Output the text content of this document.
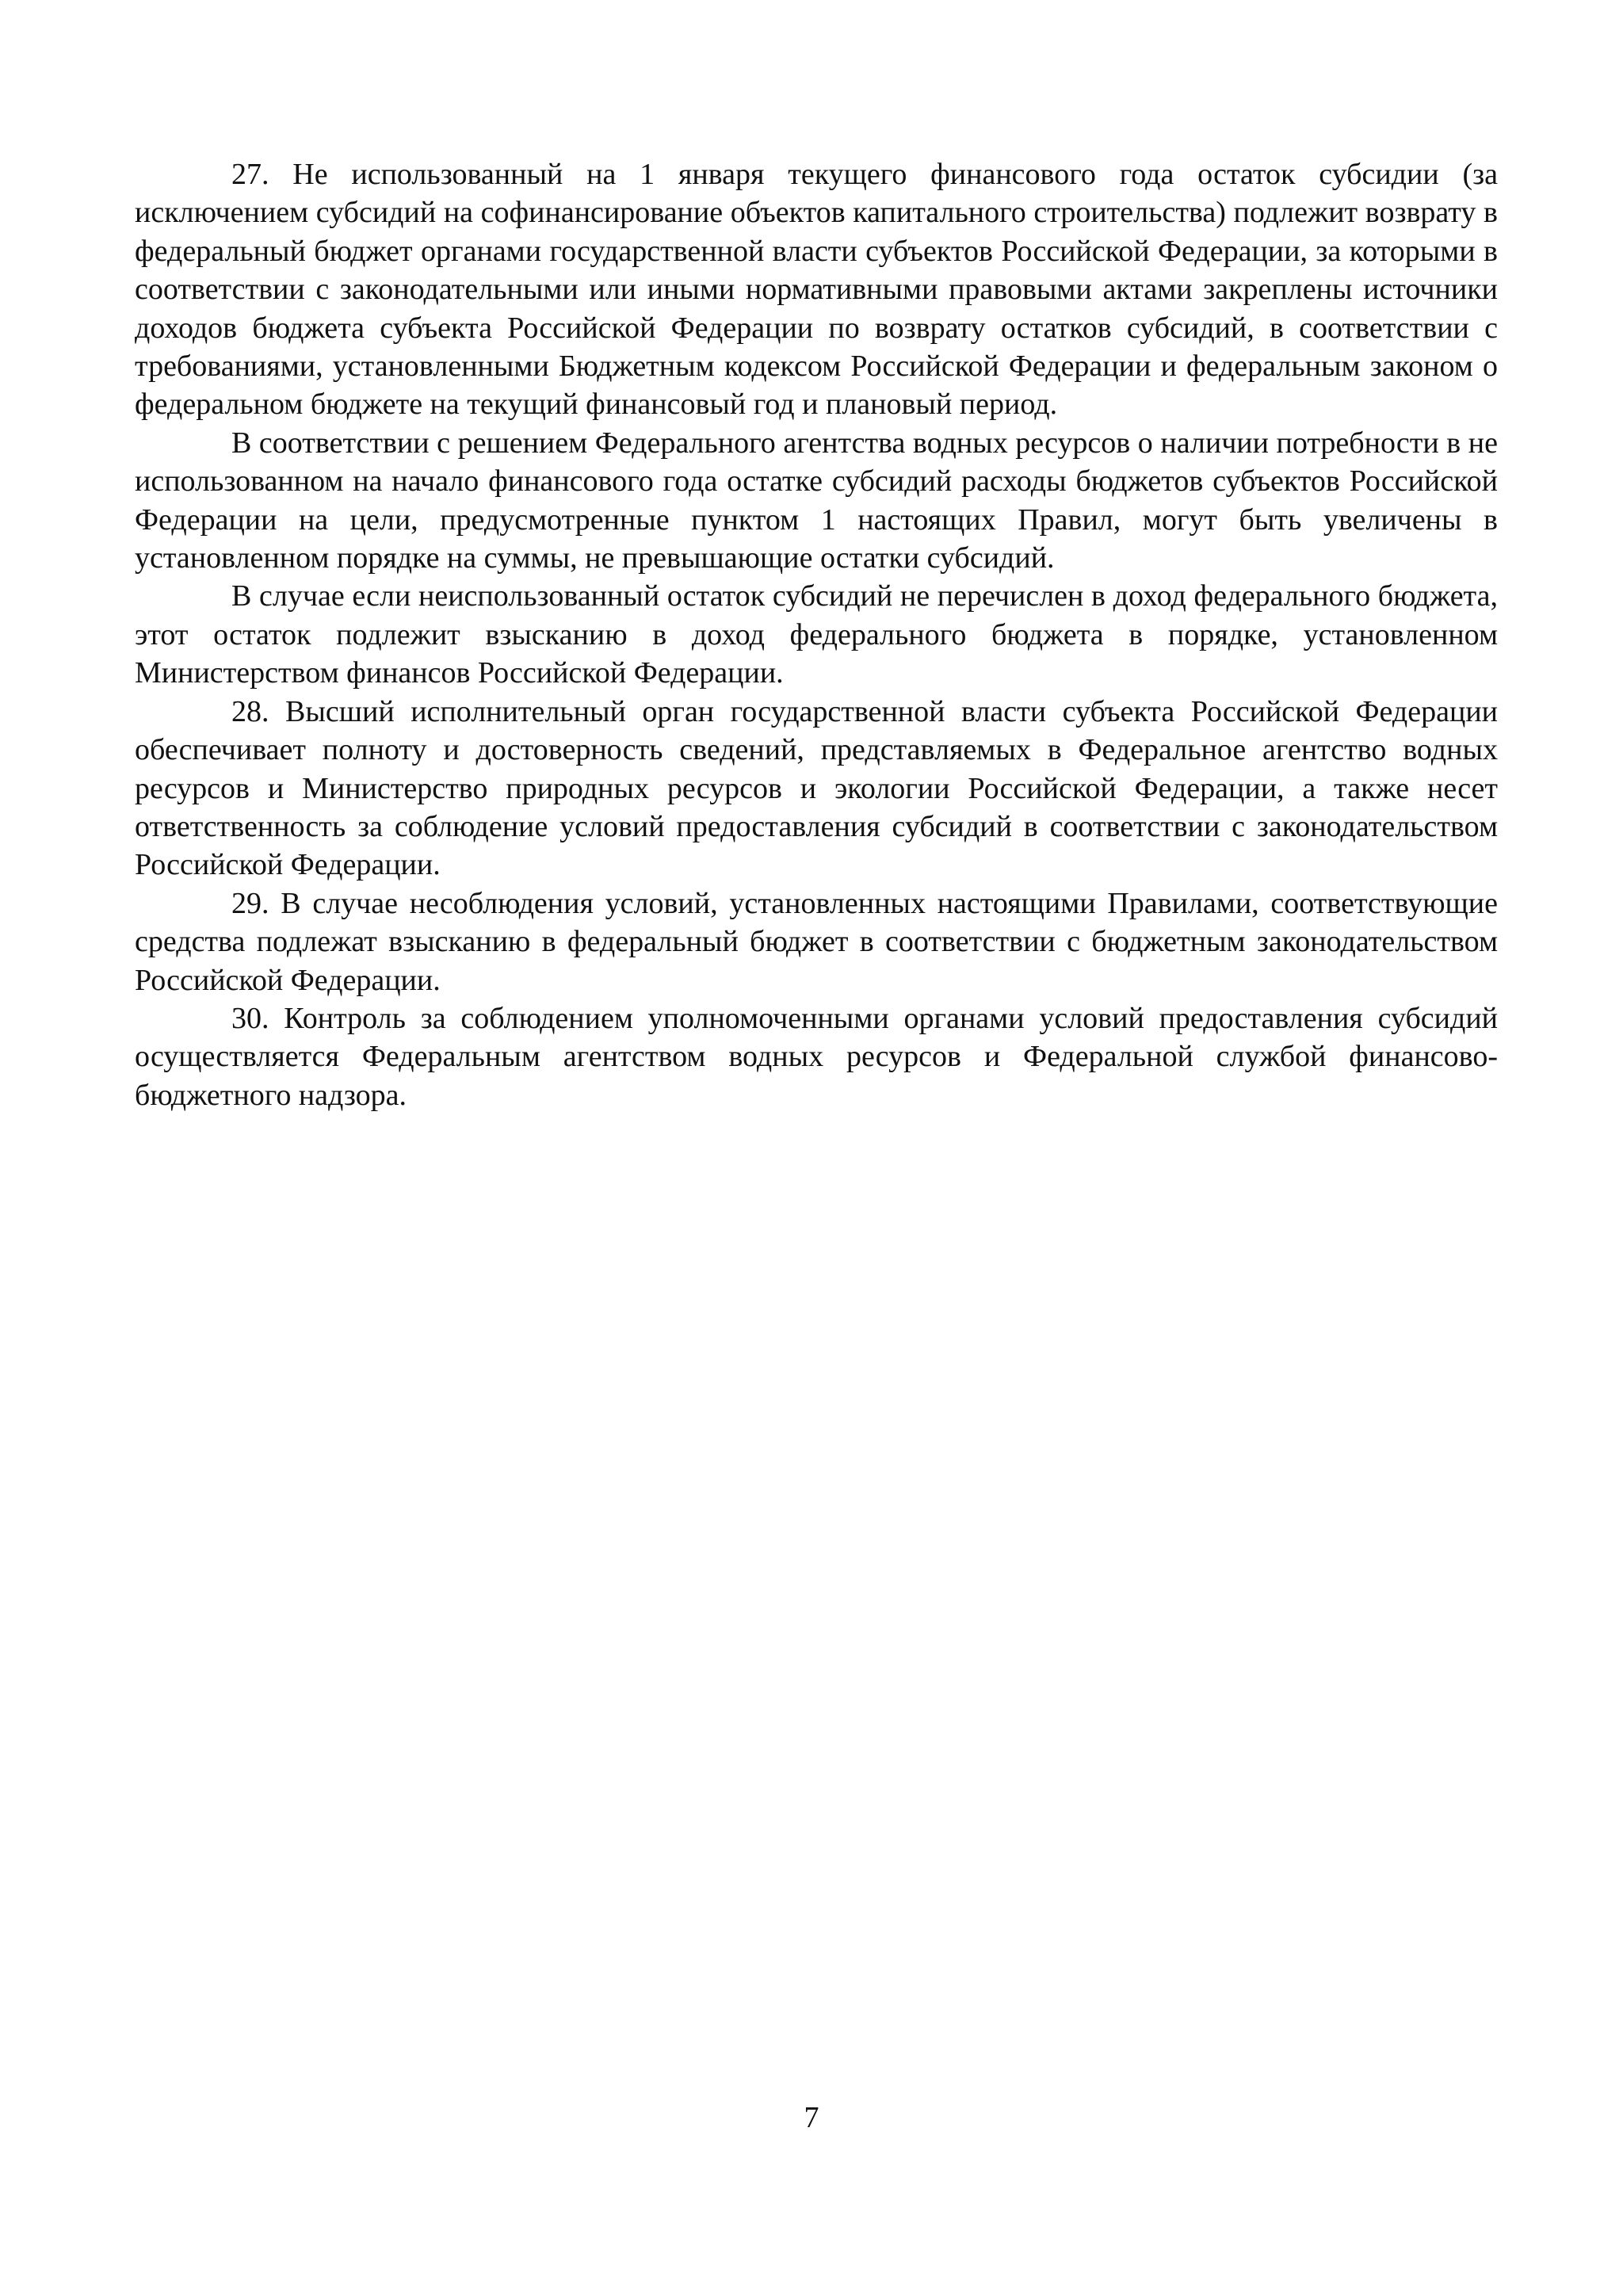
27. Не использованный на 1 января текущего финансового года остаток субсидии (за исключением субсидий на софинансирование объектов капитального строительства) подлежит возврату в федеральный бюджет органами государственной власти субъектов Российской Федерации, за которыми в соответствии с законодательными или иными нормативными правовыми актами закреплены источники доходов бюджета субъекта Российской Федерации по возврату остатков субсидий, в соответствии с требованиями, установленными Бюджетным кодексом Российской Федерации и федеральным законом о федеральном бюджете на текущий финансовый год и плановый период.

В соответствии с решением Федерального агентства водных ресурсов о наличии потребности в не использованном на начало финансового года остатке субсидий расходы бюджетов субъектов Российской Федерации на цели, предусмотренные пунктом 1 настоящих Правил, могут быть увеличены в установленном порядке на суммы, не превышающие остатки субсидий.

В случае если неиспользованный остаток субсидий не перечислен в доход федерального бюджета, этот остаток подлежит взысканию в доход федерального бюджета в порядке, установленном Министерством финансов Российской Федерации.

28. Высший исполнительный орган государственной власти субъекта Российской Федерации обеспечивает полноту и достоверность сведений, представляемых в Федеральное агентство водных ресурсов и Министерство природных ресурсов и экологии Российской Федерации, а также несет ответственность за соблюдение условий предоставления субсидий в соответствии с законодательством Российской Федерации.

29. В случае несоблюдения условий, установленных настоящими Правилами, соответствующие средства подлежат взысканию в федеральный бюджет в соответствии с бюджетным законодательством Российской Федерации.

30. Контроль за соблюдением уполномоченными органами условий предоставления субсидий осуществляется Федеральным агентством водных ресурсов и Федеральной службой финансово-бюджетного надзора.

7
